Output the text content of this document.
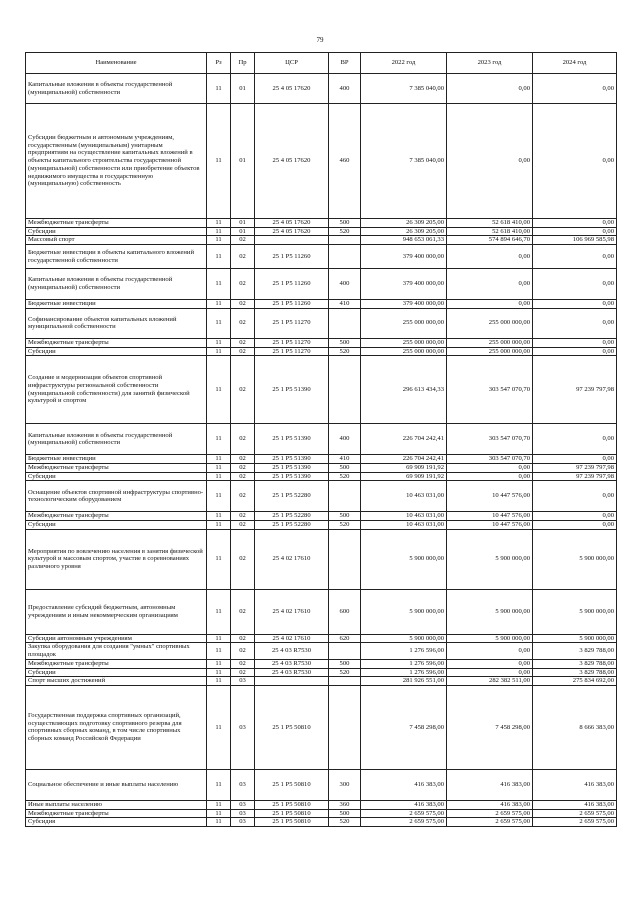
79
Наименование	Рз	Пр	ЦСР	ВР	2022 год	2023 год	2024 год
Капитальные вложения в объекты государственной (муниципальной) собственности	11	01	25 4 05 17620	400	7 385 040,00	0,00	0,00
Субсидии бюджетным и автономным учреждениям, государственным (муниципальным) унитарным предприятиям на осуществление капитальных вложений в объекты капитального строительства государственной (муниципальной) собственности или приобретение объектов недвижимого имущества в государственную (муниципальную) собственность	11	01	25 4 05 17620	460	7 385 040,00	0,00	0,00
Межбюджетные трансферты	11	01	25 4 05 17620	500	26 309 205,00	52 618 410,00	0,00
Субсидии	11	01	25 4 05 17620	520	26 309 205,00	52 618 410,00	0,00
Массовый спорт	11	02			948 653 061,33	574 894 646,70	106 969 585,98
Бюджетные инвестиции в объекты капитального вложений государственной собственности	11	02	25 1 P5 11260		379 400 000,00	0,00	0,00
Капитальные вложения в объекты государственной (муниципальной) собственности	11	02	25 1 P5 11260	400	379 400 000,00	0,00	0,00
Бюджетные инвестиции	11	02	25 1 P5 11260	410	379 400 000,00	0,00	0,00
Софинансирование объектов капитальных вложений муниципальной собственности	11	02	25 1 P5 11270		255 000 000,00	255 000 000,00	0,00
Межбюджетные трансферты	11	02	25 1 P5 11270	500	255 000 000,00	255 000 000,00	0,00
Субсидии	11	02	25 1 P5 11270	520	255 000 000,00	255 000 000,00	0,00
Создание и модернизация объектов спортивной инфраструктуры региональной собственности (муниципальной собственности) для занятий физической культурой и спортом	11	02	25 1 P5 51390		296 613 434,33	303 547 070,70	97 239 797,98
Капитальные вложения в объекты государственной (муниципальной) собственности	11	02	25 1 P5 51390	400	226 704 242,41	303 547 070,70	0,00
Бюджетные инвестиции	11	02	25 1 P5 51390	410	226 704 242,41	303 547 070,70	0,00
Межбюджетные трансферты	11	02	25 1 P5 51390	500	69 909 191,92	0,00	97 239 797,98
Субсидии	11	02	25 1 P5 51390	520	69 909 191,92	0,00	97 239 797,98
Оснащение объектов спортивной инфраструктуры спортивно-технологическим оборудованием	11	02	25 1 P5 52280		10 463 031,00	10 447 576,00	0,00
Межбюджетные трансферты	11	02	25 1 P5 52280	500	10 463 031,00	10 447 576,00	0,00
Субсидии	11	02	25 1 P5 52280	520	10 463 031,00	10 447 576,00	0,00
Мероприятия по вовлечению населения в занятия физической культурой и массовым спортом, участие в соревнованиях различного уровня	11	02	25 4 02 17610		5 900 000,00	5 900 000,00	5 900 000,00
Предоставление субсидий бюджетным, автономным учреждениям и иным некоммерческим организациям	11	02	25 4 02 17610	600	5 900 000,00	5 900 000,00	5 900 000,00
Субсидии автономным учреждениям	11	02	25 4 02 17610	620	5 900 000,00	5 900 000,00	5 900 000,00
Закупка оборудования для создания "умных" спортивных площадок	11	02	25 4 03 R7530		1 276 596,00	0,00	3 829 788,00
Межбюджетные трансферты	11	02	25 4 03 R7530	500	1 276 596,00	0,00	3 829 788,00
Субсидии	11	02	25 4 03 R7530	520	1 276 596,00	0,00	3 829 788,00
Спорт высших достижений	11	03			281 926 551,00	282 382 511,00	275 834 692,00
Государственная поддержка спортивных организаций, осуществляющих подготовку спортивного резерва для спортивных сборных команд, в том числе спортивных сборных команд Российской Федерации	11	03	25 1 P5 50810		7 458 298,00	7 458 298,00	8 666 383,00
Социальное обеспечение и иные выплаты населению	11	03	25 1 P5 50810	300	416 383,00	416 383,00	416 383,00
Иные выплаты населению	11	03	25 1 P5 50810	360	416 383,00	416 383,00	416 383,00
Межбюджетные трансферты	11	03	25 1 P5 50810	500	2 659 575,00	2 659 575,00	2 659 575,00
Субсидия	11	03	25 1 P5 50810	520	2 659 575,00	2 659 575,00	2 659 575,00
